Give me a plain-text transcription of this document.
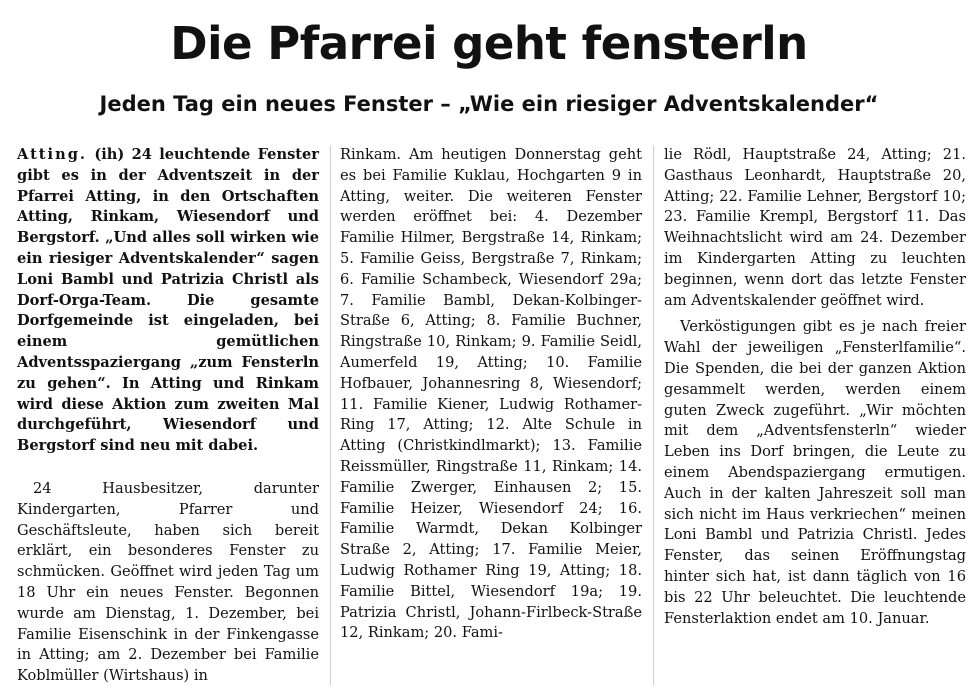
Die Pfarrei geht fensterln
Jeden Tag ein neues Fenster – „Wie ein riesiger Adventskalender“

Atting. (ih) 24 leuchtende Fenster gibt es in der Adventszeit in der Pfarrei Atting, in den Ortschaften Atting, Rinkam, Wiesendorf und Bergstorf. „Und alles soll wirken wie ein riesiger Adventskalender“ sagen Loni Bambl und Patrizia Christl als Dorf-Orga-Team. Die gesamte Dorfgemeinde ist eingeladen, bei einem gemütlichen Adventsspaziergang „zum Fensterln zu gehen“. In Atting und Rinkam wird diese Aktion zum zweiten Mal durchgeführt, Wiesendorf und Bergstorf sind neu mit dabei.

24 Hausbesitzer, darunter Kindergarten, Pfarrer und Geschäftsleute, haben sich bereit erklärt, ein besonderes Fenster zu schmücken. Geöffnet wird jeden Tag um 18 Uhr ein neues Fenster. Begonnen wurde am Dienstag, 1. Dezember, bei Familie Eisenschink in der Finkengasse in Atting; am 2. Dezember bei Familie Koblmüller (Wirtshaus) in

Rinkam. Am heutigen Donnerstag geht es bei Familie Kuklau, Hochgarten 9 in Atting, weiter. Die weiteren Fenster werden eröffnet bei: 4. Dezember Familie Hilmer, Bergstraße 14, Rinkam; 5. Familie Geiss, Bergstraße 7, Rinkam; 6. Familie Schambeck, Wiesendorf 29a; 7. Familie Bambl, Dekan-Kolbinger-Straße 6, Atting; 8. Familie Buchner, Ringstraße 10, Rinkam; 9. Familie Seidl, Aumerfeld 19, Atting; 10. Familie Hofbauer, Johannesring 8, Wiesendorf; 11. Familie Kiener, Ludwig Rothamer-Ring 17, Atting; 12. Alte Schule in Atting (Christkindlmarkt); 13. Familie Reissmüller, Ringstraße 11, Rinkam; 14. Familie Zwerger, Einhausen 2; 15. Familie Heizer, Wiesendorf 24; 16. Familie Warmdt, Dekan Kolbinger Straße 2, Atting; 17. Familie Meier, Ludwig Rothamer Ring 19, Atting; 18. Familie Bittel, Wiesendorf 19a; 19. Patrizia Christl, Johann-Firlbeck-Straße 12, Rinkam; 20. Fami-

lie Rödl, Hauptstraße 24, Atting; 21. Gasthaus Leonhardt, Hauptstraße 20, Atting; 22. Familie Lehner, Bergstorf 10; 23. Familie Krempl, Bergstorf 11. Das Weihnachtslicht wird am 24. Dezember im Kindergarten Atting zu leuchten beginnen, wenn dort das letzte Fenster am Adventskalender geöffnet wird.

Verköstigungen gibt es je nach freier Wahl der jeweiligen „Fensterlfamilie“. Die Spenden, die bei der ganzen Aktion gesammelt werden, werden einem guten Zweck zugeführt. „Wir möchten mit dem „Adventsfensterln“ wieder Leben ins Dorf bringen, die Leute zu einem Abendspaziergang ermutigen. Auch in der kalten Jahreszeit soll man sich nicht im Haus verkriechen“ meinen Loni Bambl und Patrizia Christl. Jedes Fenster, das seinen Eröffnungstag hinter sich hat, ist dann täglich von 16 bis 22 Uhr beleuchtet. Die leuchtende Fensterlaktion endet am 10. Januar.
